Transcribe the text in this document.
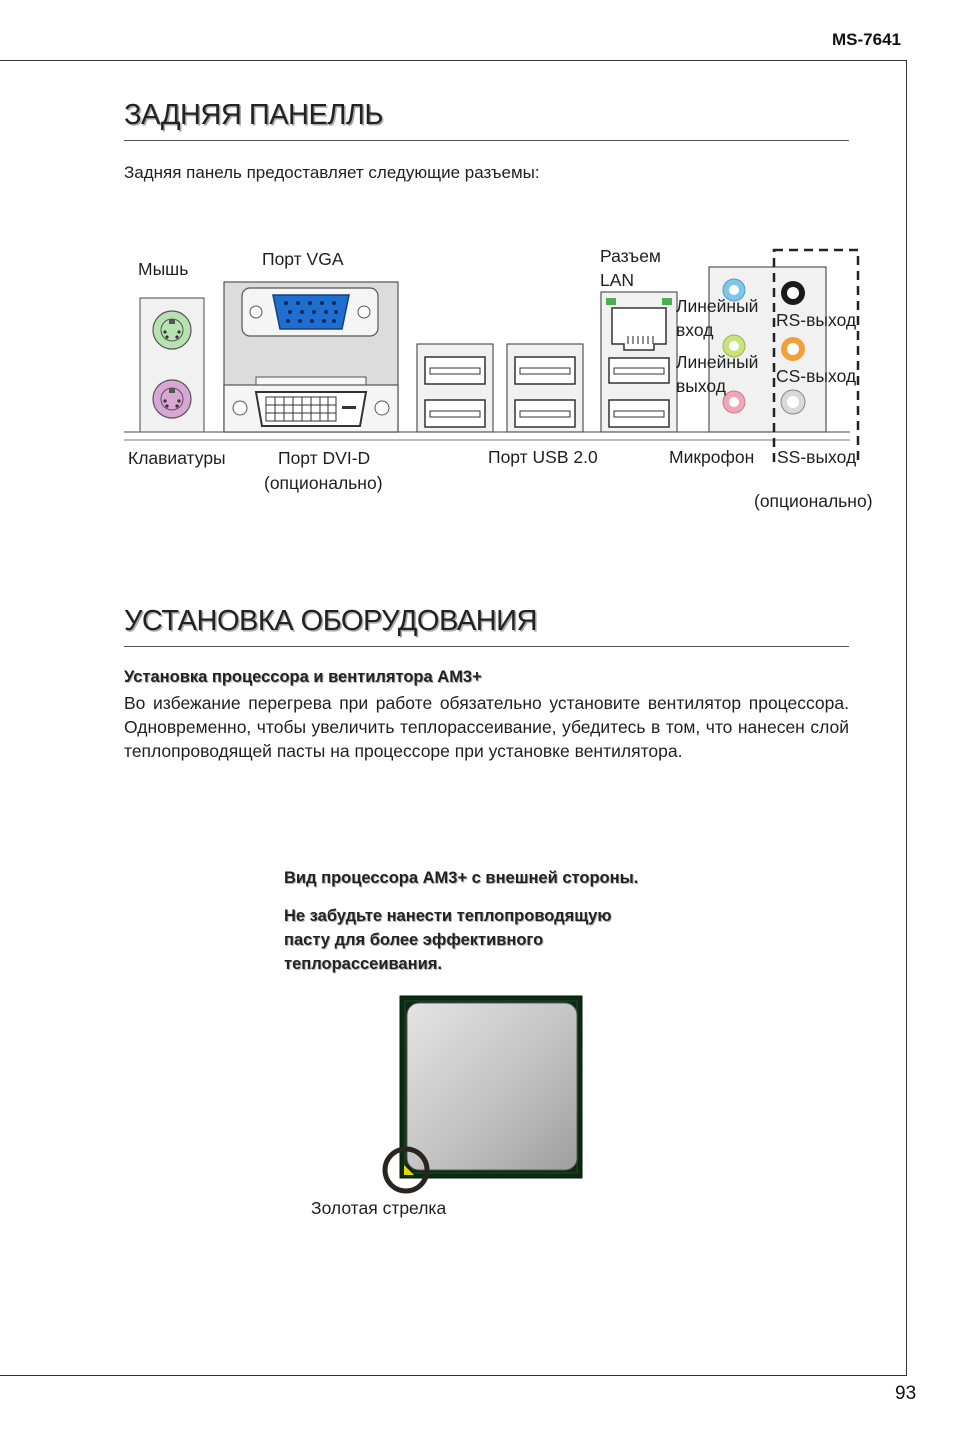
MS-7641
93
ЗАДНЯЯ ПАНЕЛЛЬ
Задняя панель предоставляет следующие разъемы:
Мышь	Порт VGA	Разъем
LAN
Линейный
вход
Линейный
выход
RS-выход
CS-выход
Клавиатуры	Порт DVI-D
(опционально)
Порт USB 2.0	Микрофон SS-выход
(опционально)
УСТАНОВКА ОБОРУДОВАНИЯ
Установка процессора и вентилятора AM3+
Во избежание перегрева при работе обязательно установите вентилятор процессора. Одновременно, чтобы увеличить теплорассеивание, убедитесь в том, что нанесен слой теплопроводящей пасты на процессоре при установке вентилятора.
Вид процессора AM3+ с внешней стороны.
Не забудьте нанести теплопроводящую
пасту для более эффективного
теплорассеивания.
Золотая стрелка
